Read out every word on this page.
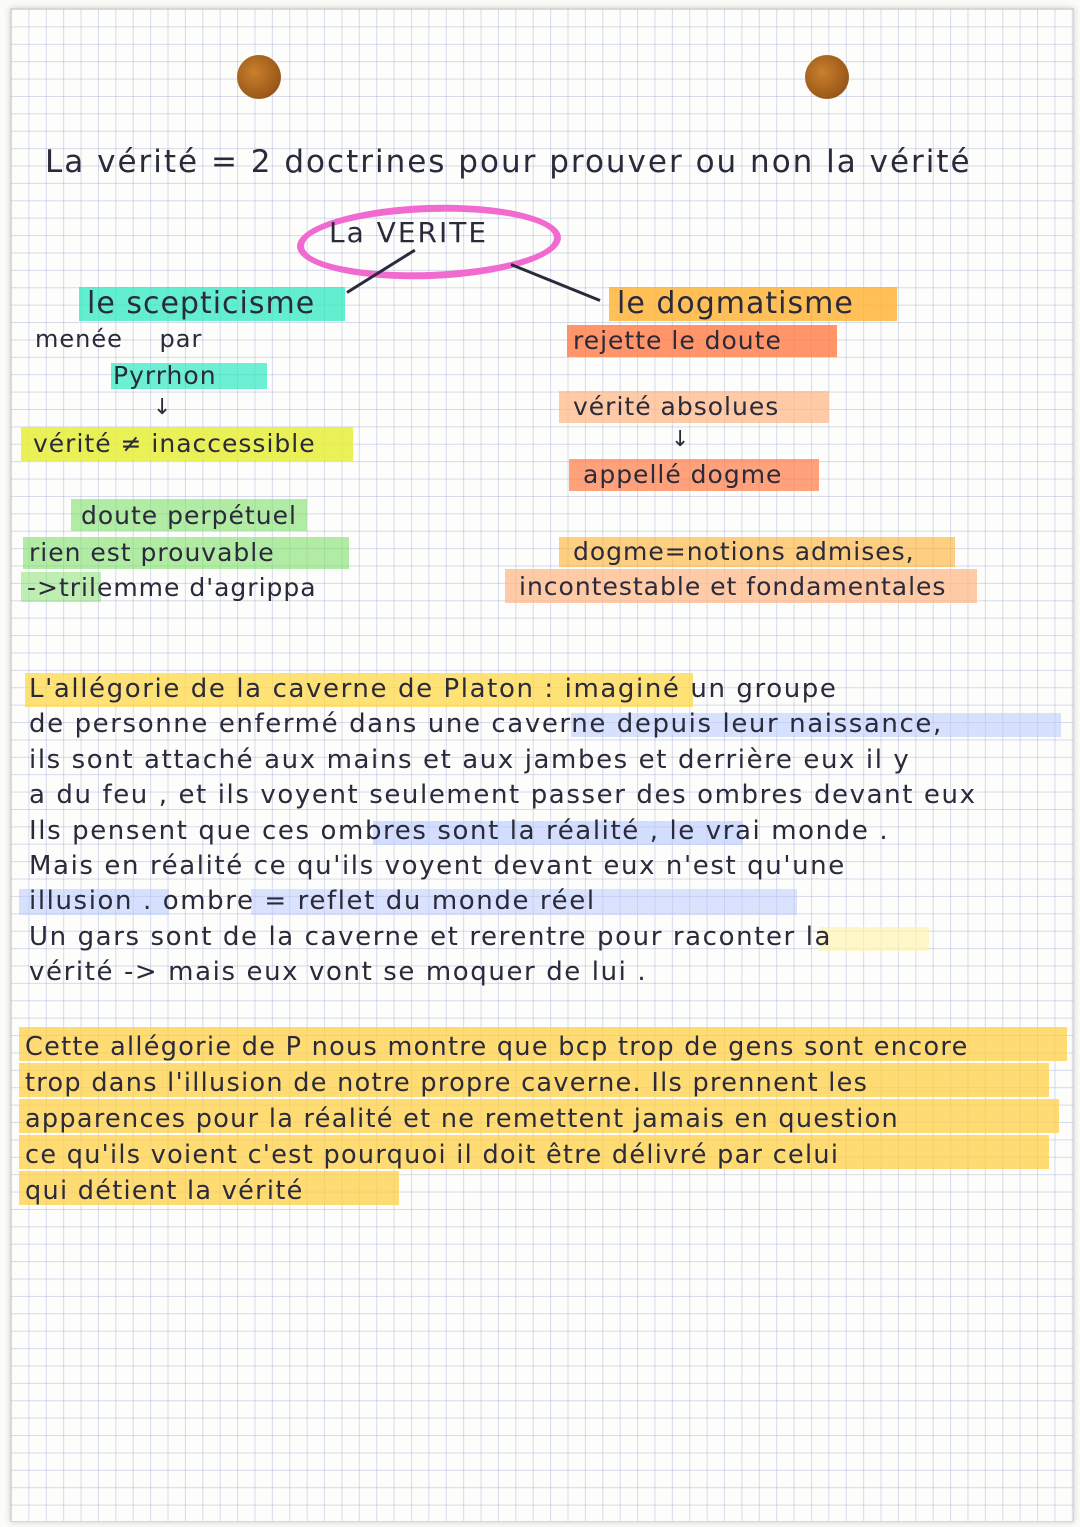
La vérité = 2 doctrines pour prouver ou non la vérité
La VERITE
le scepticisme
menée par
Pyrrhon
↓
vérité ≠ inaccessible
doute perpétuel
rien est prouvable
->trilemme d'agrippa
le dogmatisme
rejette le doute
vérité absolues
↓
appellé dogme
dogme=notions admises,
incontestable et fondamentales
L'allégorie de la caverne de Platon : imaginé un groupe
de personne enfermé dans une caverne depuis leur naissance,
ils sont attaché aux mains et aux jambes et derrière eux il y
a du feu , et ils voyent seulement passer des ombres devant eux
Ils pensent que ces ombres sont la réalité , le vrai monde .
Mais en réalité ce qu'ils voyent devant eux n'est qu'une
illusion . ombre = reflet du monde réel
Un gars sont de la caverne et rerentre pour raconter la
vérité -> mais eux vont se moquer de lui .
Cette allégorie de P nous montre que bcp trop de gens sont encore
trop dans l'illusion de notre propre caverne. Ils prennent les
apparences pour la réalité et ne remettent jamais en question
ce qu'ils voient c'est pourquoi il doit être délivré par celui
qui détient la vérité
